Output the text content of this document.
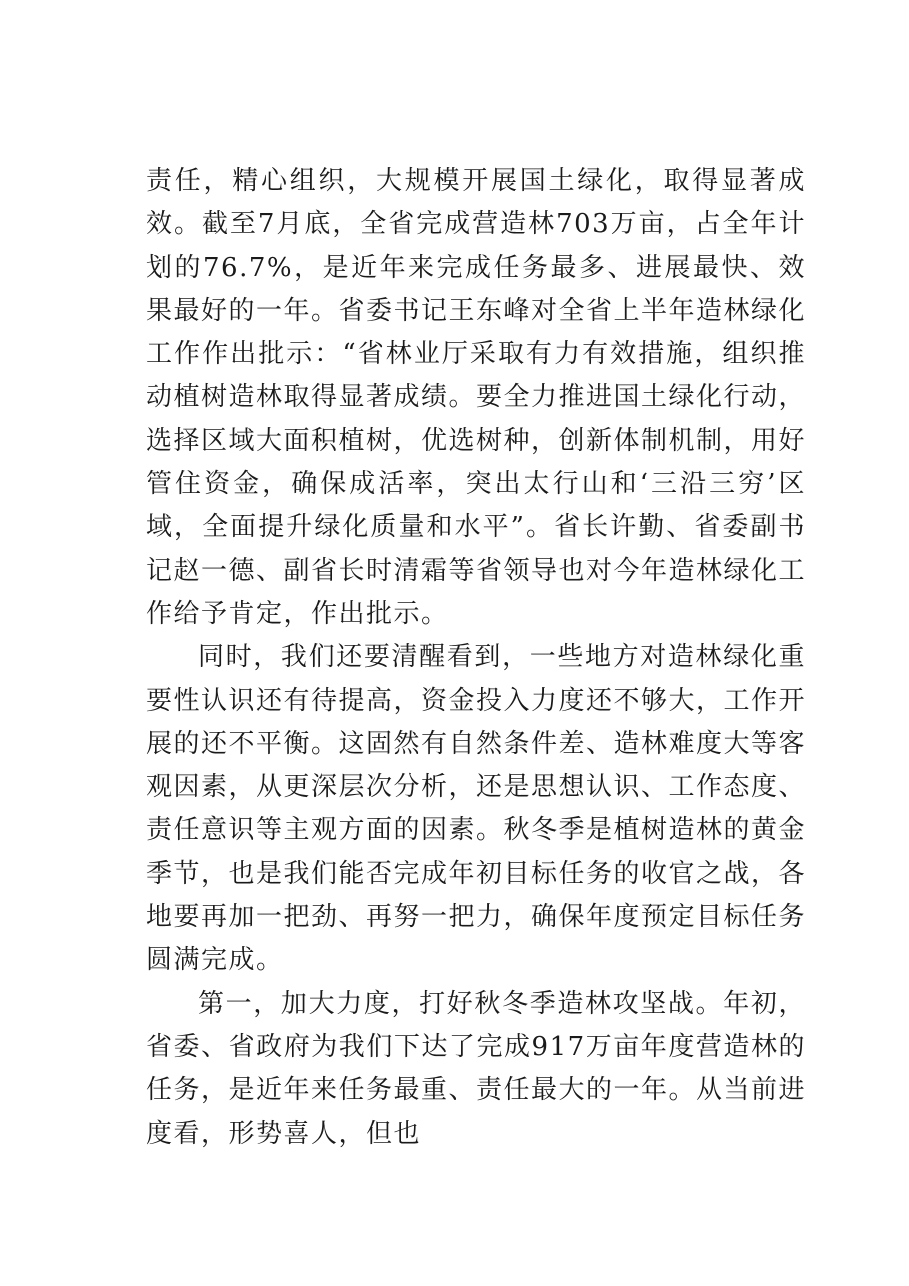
责任，精心组织，大规模开展国土绿化，取得显著成效。截至7月底，全省完成营造林703万亩，占全年计划的76.7%，是近年来完成任务最多、进展最快、效果最好的一年。省委书记王东峰对全省上半年造林绿化工作作出批示：“省林业厅采取有力有效措施，组织推动植树造林取得显著成绩。要全力推进国土绿化行动，选择区域大面积植树，优选树种，创新体制机制，用好管住资金，确保成活率，突出太行山和‘三沿三穷’区域，全面提升绿化质量和水平”。省长许勤、省委副书记赵一德、副省长时清霜等省领导也对今年造林绿化工作给予肯定，作出批示。

同时，我们还要清醒看到，一些地方对造林绿化重要性认识还有待提高，资金投入力度还不够大，工作开展的还不平衡。这固然有自然条件差、造林难度大等客观因素，从更深层次分析，还是思想认识、工作态度、责任意识等主观方面的因素。秋冬季是植树造林的黄金季节，也是我们能否完成年初目标任务的收官之战，各地要再加一把劲、再努一把力，确保年度预定目标任务圆满完成。

第一，加大力度，打好秋冬季造林攻坚战。年初，省委、省政府为我们下达了完成917万亩年度营造林的任务，是近年来任务最重、责任最大的一年。从当前进度看，形势喜人，但也
